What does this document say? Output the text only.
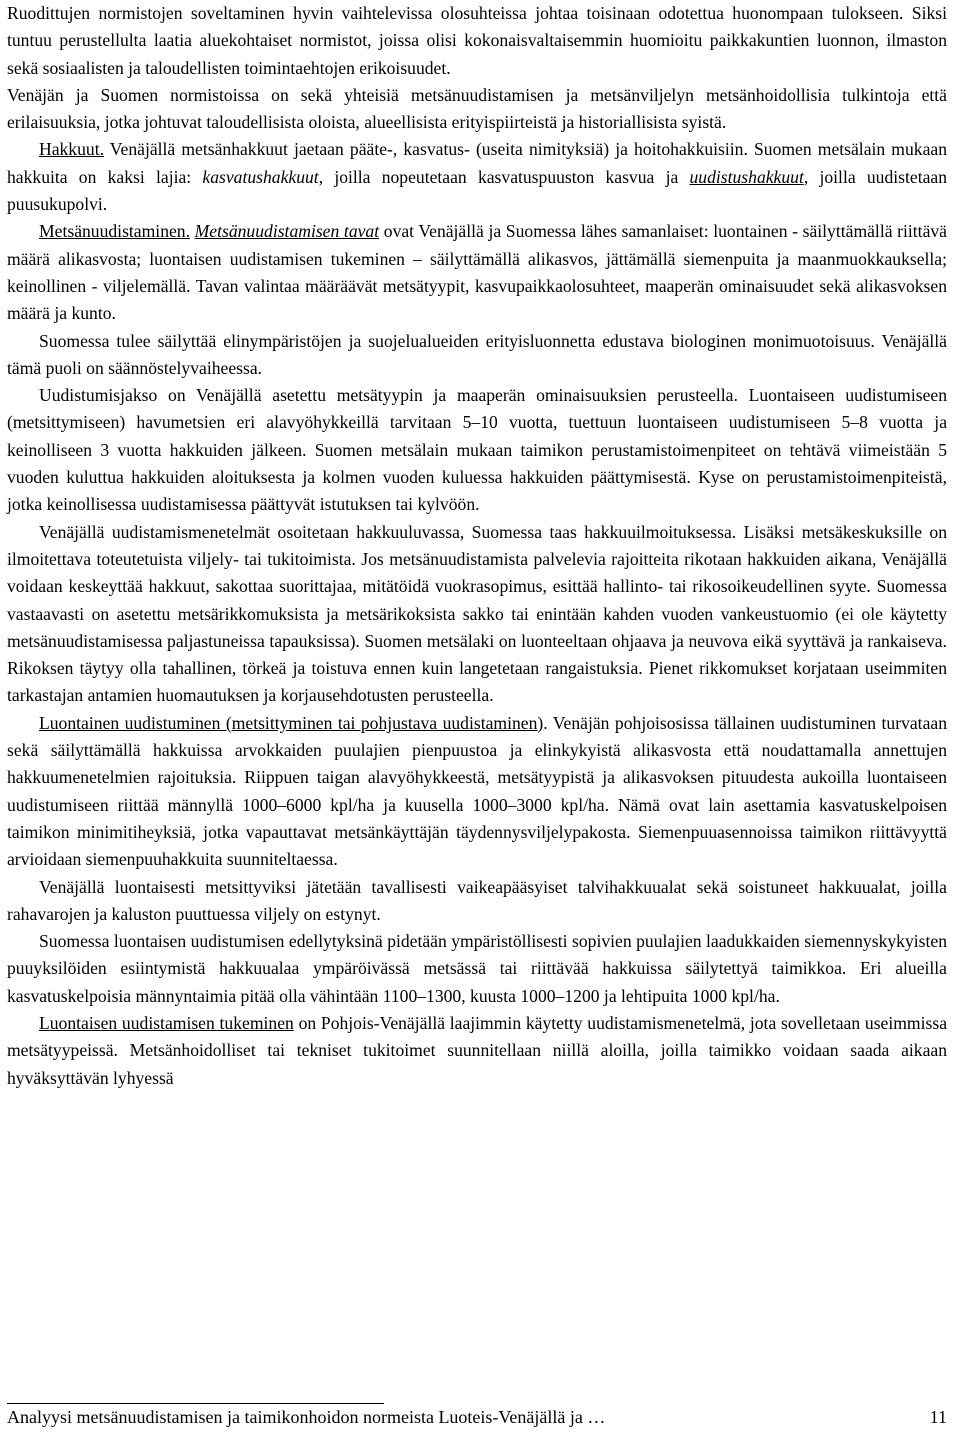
Ruodittujen normistojen soveltaminen hyvin vaihtelevissa olosuhteissa johtaa toisinaan odotettua huonompaan tulokseen. Siksi tuntuu perustellulta laatia aluekohtaiset normistot, joissa olisi kokonaisvaltaisemmin huomioitu paikkakuntien luonnon, ilmaston sekä sosiaalisten ja taloudellisten toimintaehtojen erikoisuudet.

Venäjän ja Suomen normistoissa on sekä yhteisiä metsänuudistamisen ja metsänviljelyn metsänhoidollisia tulkintoja että erilaisuuksia, jotka johtuvat taloudellisista oloista, alueellisista erityispiirteistä ja historiallisista syistä.

Hakkuut. Venäjällä metsänhakkuut jaetaan pääte-, kasvatus- (useita nimityksiä) ja hoitohakkuisiin. Suomen metsälain mukaan hakkuita on kaksi lajia: kasvatushakkuut, joilla nopeutetaan kasvatuspuuston kasvua ja uudistushakkuut, joilla uudistetaan puusukupolvi.

Metsänuudistaminen. Metsänuudistamisen tavat ovat Venäjällä ja Suomessa lähes samanlaiset: luontainen - säilyttämällä riittävä määrä alikasvosta; luontaisen uudistamisen tukeminen – säilyttämällä alikasvos, jättämällä siemenpuita ja maanmuokkauksella; keinollinen - viljelemällä. Tavan valintaa määräävät metsätyypit, kasvupaikkaolosuhteet, maaperän ominaisuudet sekä alikasvoksen määrä ja kunto.

Suomessa tulee säilyttää elinympäristöjen ja suojelualueiden erityisluonnetta edustava biologinen monimuotoisuus. Venäjällä tämä puoli on säännöstelyvaiheessa.

Uudistumisjakso on Venäjällä asetettu metsätyypin ja maaperän ominaisuuksien perusteella. Luontaiseen uudistumiseen (metsittymiseen) havumetsien eri alavyöhykkeillä tarvitaan 5–10 vuotta, tuettuun luontaiseen uudistumiseen 5–8 vuotta ja keinolliseen 3 vuotta hakkuiden jälkeen. Suomen metsälain mukaan taimikon perustamistoimenpiteet on tehtävä viimeistään 5 vuoden kuluttua hakkuiden aloituksesta ja kolmen vuoden kuluessa hakkuiden päättymisestä. Kyse on perustamistoimenpiteistä, jotka keinollisessa uudistamisessa päättyvät istutuksen tai kylvöön.

Venäjällä uudistamismenetelmät osoitetaan hakkuuluvassa, Suomessa taas hakkuuilmoituksessa. Lisäksi metsäkeskuksille on ilmoitettava toteutetuista viljely- tai tukitoimista. Jos metsänuudistamista palvelevia rajoitteita rikotaan hakkuiden aikana, Venäjällä voidaan keskeyttää hakkuut, sakottaa suorittajaa, mitätöidä vuokrasopimus, esittää hallinto- tai rikosoikeudellinen syyte. Suomessa vastaavasti on asetettu metsärikkomuksista ja metsärikoksista sakko tai enintään kahden vuoden vankeustuomio (ei ole käytetty metsänuudistamisessa paljastuneissa tapauksissa). Suomen metsälaki on luonteeltaan ohjaava ja neuvova eikä syyttävä ja rankaiseva. Rikoksen täytyy olla tahallinen, törkeä ja toistuva ennen kuin langetetaan rangaistuksia. Pienet rikkomukset korjataan useimmiten tarkastajan antamien huomautuksen ja korjausehdotusten perusteella.

Luontainen uudistuminen (metsittyminen tai pohjustava uudistaminen). Venäjän pohjoisosissa tällainen uudistuminen turvataan sekä säilyttämällä hakkuissa arvokkaiden puulajien pienpuustoa ja elinkykyistä alikasvosta että noudattamalla annettujen hakkuumenetelmien rajoituksia. Riippuen taigan alavyöhykkeestä, metsätyypistä ja alikasvoksen pituudesta aukoilla luontaiseen uudistumiseen riittää männyllä 1000–6000 kpl/ha ja kuusella 1000–3000 kpl/ha. Nämä ovat lain asettamia kasvatuskelpoisen taimikon minimitiheyksiä, jotka vapauttavat metsänkäyttäjän täydennysviljelypakosta. Siemenpuuasennoissa taimikon riittävyyttä arvioidaan siemenpuuhakkuita suunniteltaessa.

Venäjällä luontaisesti metsittyviksi jätetään tavallisesti vaikeapääsyiset talvihakkuualat sekä soistuneet hakkuualat, joilla rahavarojen ja kaluston puuttuessa viljely on estynyt.

Suomessa luontaisen uudistumisen edellytyksinä pidetään ympäristöllisesti sopivien puulajien laadukkaiden siemennyskykyisten puuyksilöiden esiintymistä hakkuualaa ympäröivässä metsässä tai riittävää hakkuissa säilytettyä taimikkoa. Eri alueilla kasvatuskelpoisia männyntaimia pitää olla vähintään 1100–1300, kuusta 1000–1200 ja lehtipuita 1000 kpl/ha.

Luontaisen uudistamisen tukeminen on Pohjois-Venäjällä laajimmin käytetty uudistamismenetelmä, jota sovelletaan useimmissa metsätyypeissä. Metsänhoidolliset tai tekniset tukitoimet suunnitellaan niillä aloilla, joilla taimikko voidaan saada aikaan hyväksyttävän lyhyessä

Analyysi metsänuudistamisen ja taimikonhoidon normeista Luoteis-Venäjällä ja …	11
